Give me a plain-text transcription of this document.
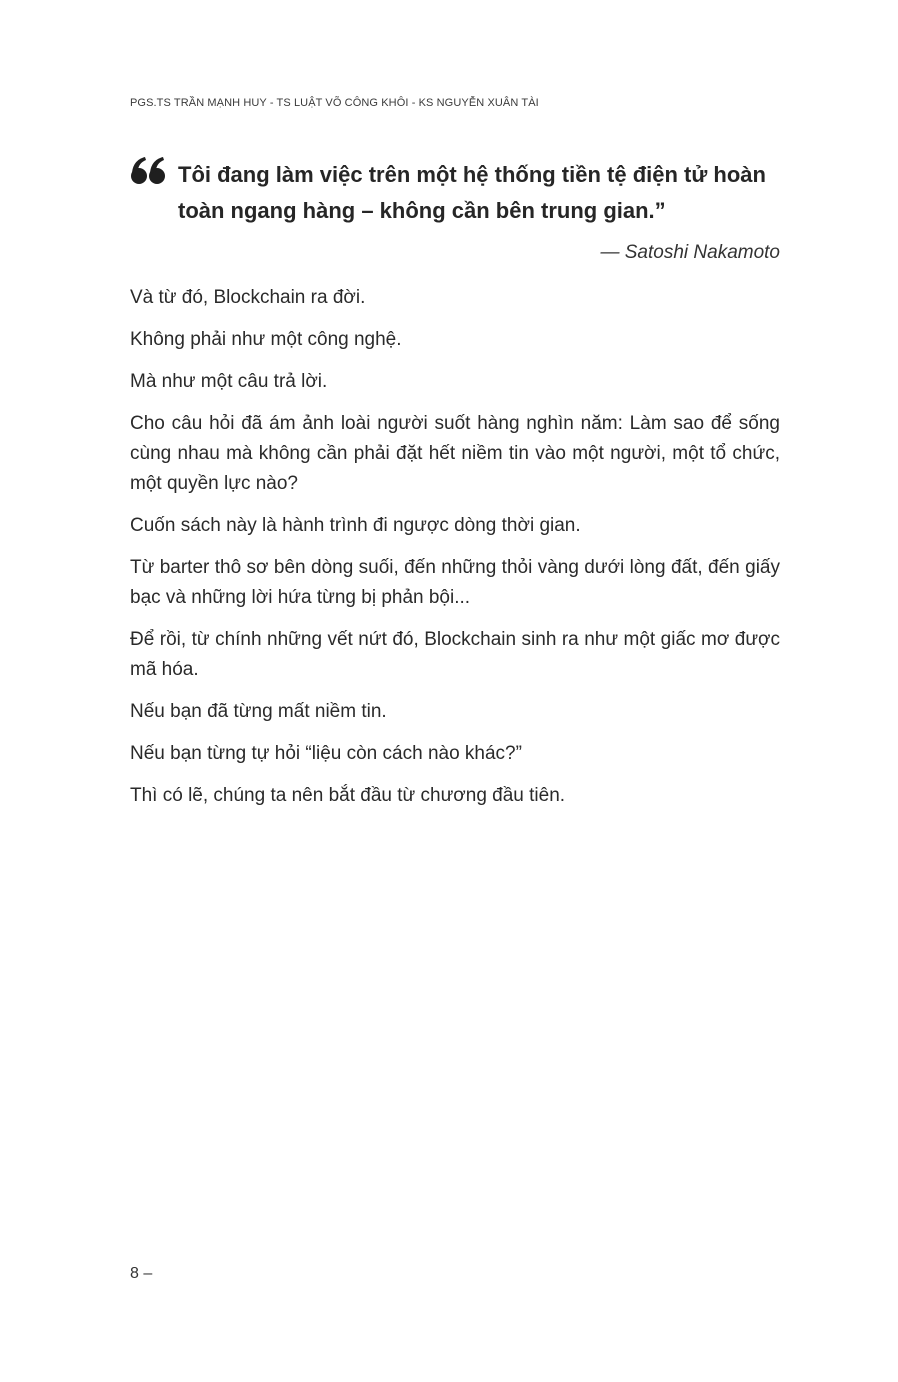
PGS.TS TRẦN MẠNH HUY - TS LUẬT VÕ CÔNG KHÔI - KS NGUYỄN XUÂN TÀI

Tôi đang làm việc trên một hệ thống tiền tệ điện tử hoàn toàn ngang hàng – không cần bên trung gian.”

— Satoshi Nakamoto

Và từ đó, Blockchain ra đời.

Không phải như một công nghệ.

Mà như một câu trả lời.

Cho câu hỏi đã ám ảnh loài người suốt hàng nghìn năm: Làm sao để sống cùng nhau mà không cần phải đặt hết niềm tin vào một người, một tổ chức, một quyền lực nào?

Cuốn sách này là hành trình đi ngược dòng thời gian.

Từ barter thô sơ bên dòng suối, đến những thỏi vàng dưới lòng đất, đến giấy bạc và những lời hứa từng bị phản bội...

Để rồi, từ chính những vết nứt đó, Blockchain sinh ra như một giấc mơ được mã hóa.

Nếu bạn đã từng mất niềm tin.

Nếu bạn từng tự hỏi “liệu còn cách nào khác?”

Thì có lẽ, chúng ta nên bắt đầu từ chương đầu tiên.

8 –
